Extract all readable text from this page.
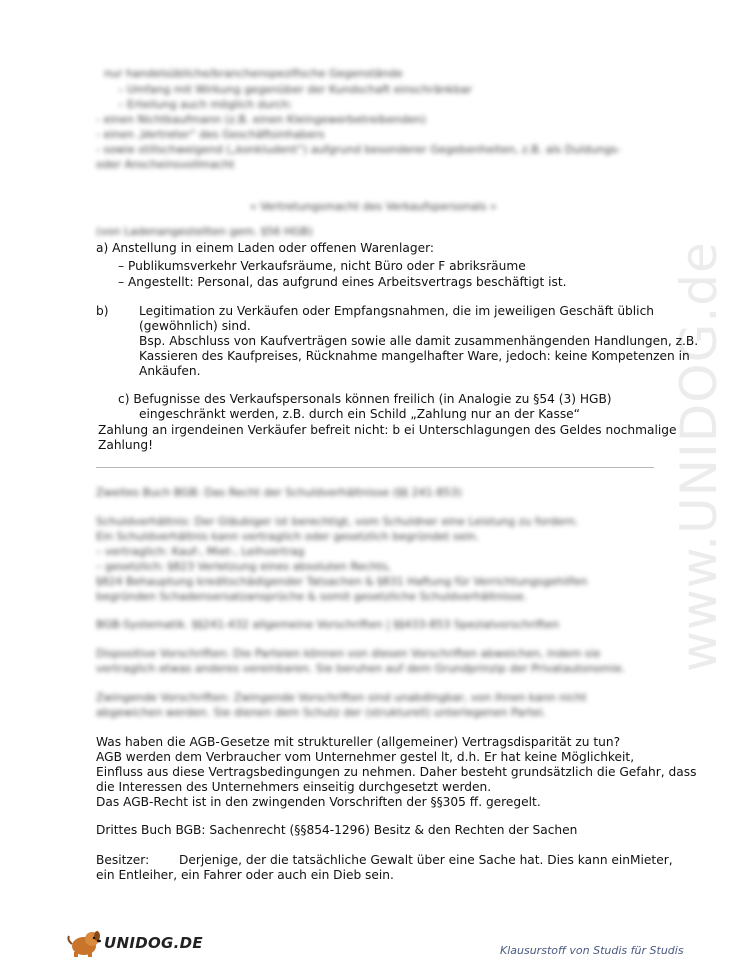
www.UNIDOG.de
nur handelsübliche/branchenspezifische Gegenstände
– Umfang mit Wirkung gegenüber der Kundschaft einschränkbar
– Erteilung auch möglich durch:
- einen Nichtkaufmann (z.B. einen Kleingewerbetreibenden)
- einen „Vertreter“ des Geschäftsinhabers
- sowie stillschweigend („konkludent“) aufgrund besonderer Gegebenheiten, z.B. als Duldungs-
oder Anscheinsvollmacht
« Vertretungsmacht des Verkaufspersonals »
(von Ladenangestellten gem. §56 HGB)
a) Anstellung in einem Laden oder offenen Warenlager:
– Publikumsverkehr Verkaufsräume, nicht Büro oder F abriksräume
– Angestellt: Personal, das aufgrund eines Arbeitsvertrags beschäftigt ist.
b)	Legitimation zu Verkäufen oder Empfangsnahmen, die im jeweiligen Geschäft üblich
(gewöhnlich) sind.
Bsp. Abschluss von Kaufverträgen sowie alle damit zusammenhängenden Handlungen, z.B.
Kassieren des Kaufpreises, Rücknahme mangelhafter Ware, jedoch: keine Kompetenzen in
Ankäufen.
c) Befugnisse des Verkaufspersonals können freilich (in Analogie zu §54 (3) HGB)
eingeschränkt werden, z.B. durch ein Schild „Zahlung nur an der Kasse“
Zahlung an irgendeinen Verkäufer befreit nicht: b ei Unterschlagungen des Geldes nochmalige
Zahlung!
Zweites Buch BGB: Das Recht der Schuldverhältnisse (§§ 241-853)
Schuldverhältnis: Der Gläubiger ist berechtigt, vom Schuldner eine Leistung zu fordern.
Ein Schuldverhältnis kann vertraglich oder gesetzlich begründet sein.
– vertraglich: Kauf-, Miet-, Leihvertrag
– gesetzlich: §823 Verletzung eines absoluten Rechts,
§824 Behauptung kreditschädigender Tatsachen & §831 Haftung für Verrichtungsgehilfen
begründen Schadensersatzansprüche & somit gesetzliche Schuldverhältnisse.
BGB-Systematik. §§241-432 allgemeine Vorschriften | §§433-853 Spezialvorschriften
Dispositive Vorschriften: Die Parteien können von diesen Vorschriften abweichen, indem sie
vertraglich etwas anderes vereinbaren. Sie beruhen auf dem Grundprinzip der Privatautonomie.
Zwingende Vorschriften: Zwingende Vorschriften sind unabdingbar, von ihnen kann nicht
abgewichen werden. Sie dienen dem Schutz der (strukturell) unterlegenen Partei.
Was haben die AGB-Gesetze mit struktureller (allgemeiner) Vertragsdisparität zu tun?
AGB werden dem Verbraucher vom Unternehmer gestel lt, d.h. Er hat keine Möglichkeit,
Einfluss aus diese Vertragsbedingungen zu nehmen. Daher besteht grundsätzlich die Gefahr, dass
die Interessen des Unternehmers einseitig durchgesetzt werden.
Das AGB-Recht ist in den zwingenden Vorschriften der §§305 ff. geregelt.
Drittes Buch BGB: Sachenrecht (§§854-1296) Besitz & den Rechten der Sachen
Besitzer: Derjenige, der die tatsächliche Gewalt über eine Sache hat. Dies kann einMieter,
ein Entleiher, ein Fahrer oder auch ein Dieb sein.
UNIDOG.DE	Klausurstoff von Studis für Studis
